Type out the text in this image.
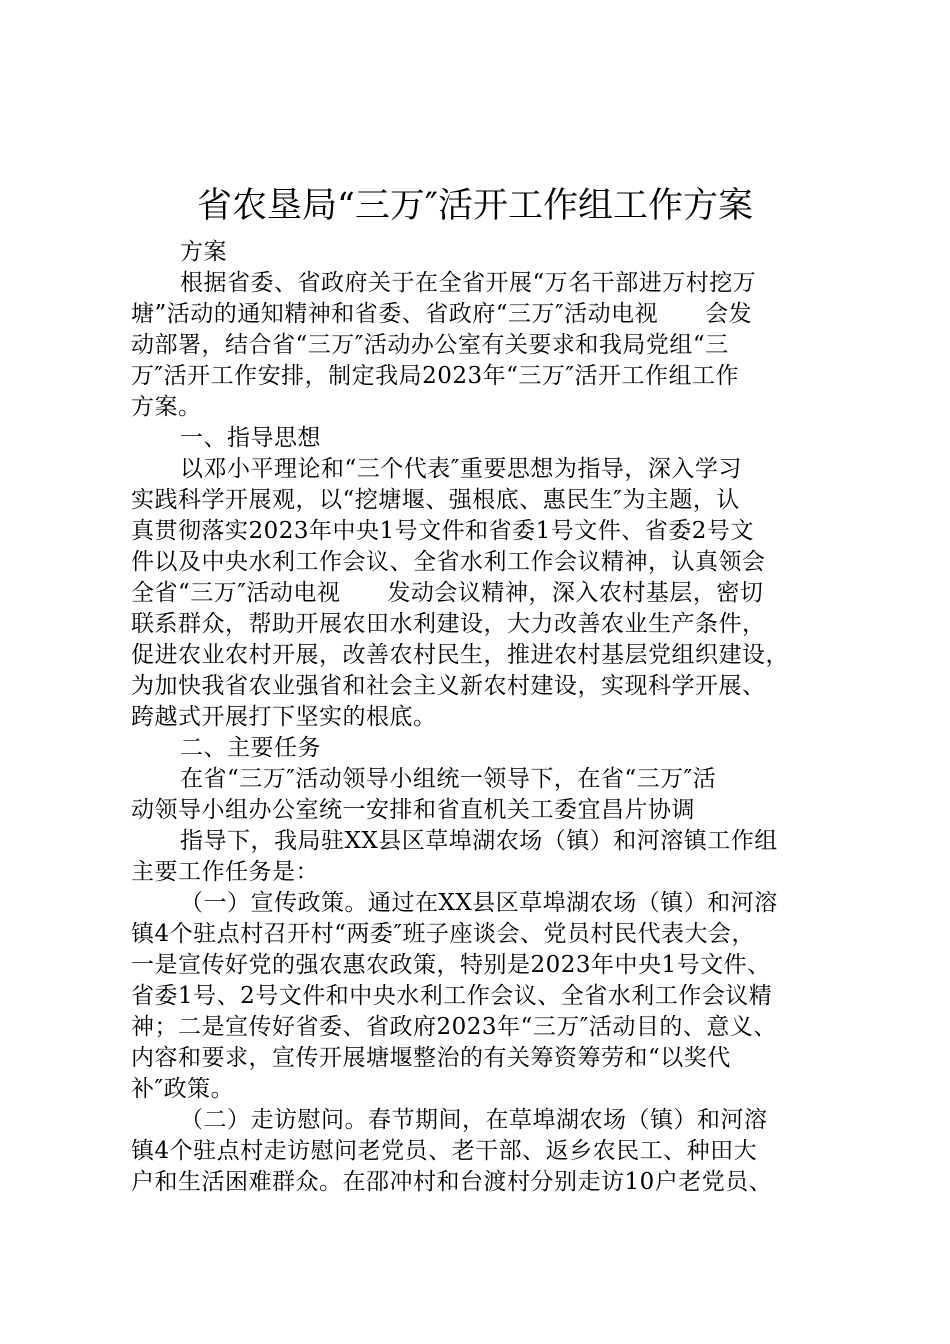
省农垦局“三万″活开工作组工作方案
方案
根据省委、省政府关于在全省开展“万名干部进万村挖万
塘”活动的通知精神和省委、省政府“三万″活动电视　　会发
动部署，结合省“三万″活动办公室有关要求和我局党组“三
万″活开工作安排，制定我局2023年“三万″活开工作组工作
方案。
一、指导思想
以邓小平理论和“三个代表″重要思想为指导，深入学习
实践科学开展观，以“挖塘堰、强根底、惠民生″为主题，认
真贯彻落实2023年中央1号文件和省委1号文件、省委2号文
件以及中央水利工作会议、全省水利工作会议精神，认真领会
全省“三万″活动电视　　发动会议精神，深入农村基层，密切
联系群众，帮助开展农田水利建设，大力改善农业生产条件，
促进农业农村开展，改善农村民生，推进农村基层党组织建设，
为加快我省农业强省和社会主义新农村建设，实现科学开展、
跨越式开展打下坚实的根底。
二、主要任务
在省“三万″活动领导小组统一领导下，在省“三万″活
动领导小组办公室统一安排和省直机关工委宜昌片协调
指导下，我局驻XX县区草埠湖农场（镇）和河溶镇工作组
主要工作任务是：
（一）宣传政策。通过在XX县区草埠湖农场（镇）和河溶
镇4个驻点村召开村“两委″班子座谈会、党员村民代表大会，
一是宣传好党的强农惠农政策，特别是2023年中央1号文件、
省委1号、2号文件和中央水利工作会议、全省水利工作会议精
神；二是宣传好省委、省政府2023年“三万″活动目的、意义、
内容和要求，宣传开展塘堰整治的有关筹资筹劳和“以奖代
补″政策。
（二）走访慰问。春节期间，在草埠湖农场（镇）和河溶
镇4个驻点村走访慰问老党员、老干部、返乡农民工、种田大
户和生活困难群众。在邵冲村和台渡村分别走访10户老党员、
